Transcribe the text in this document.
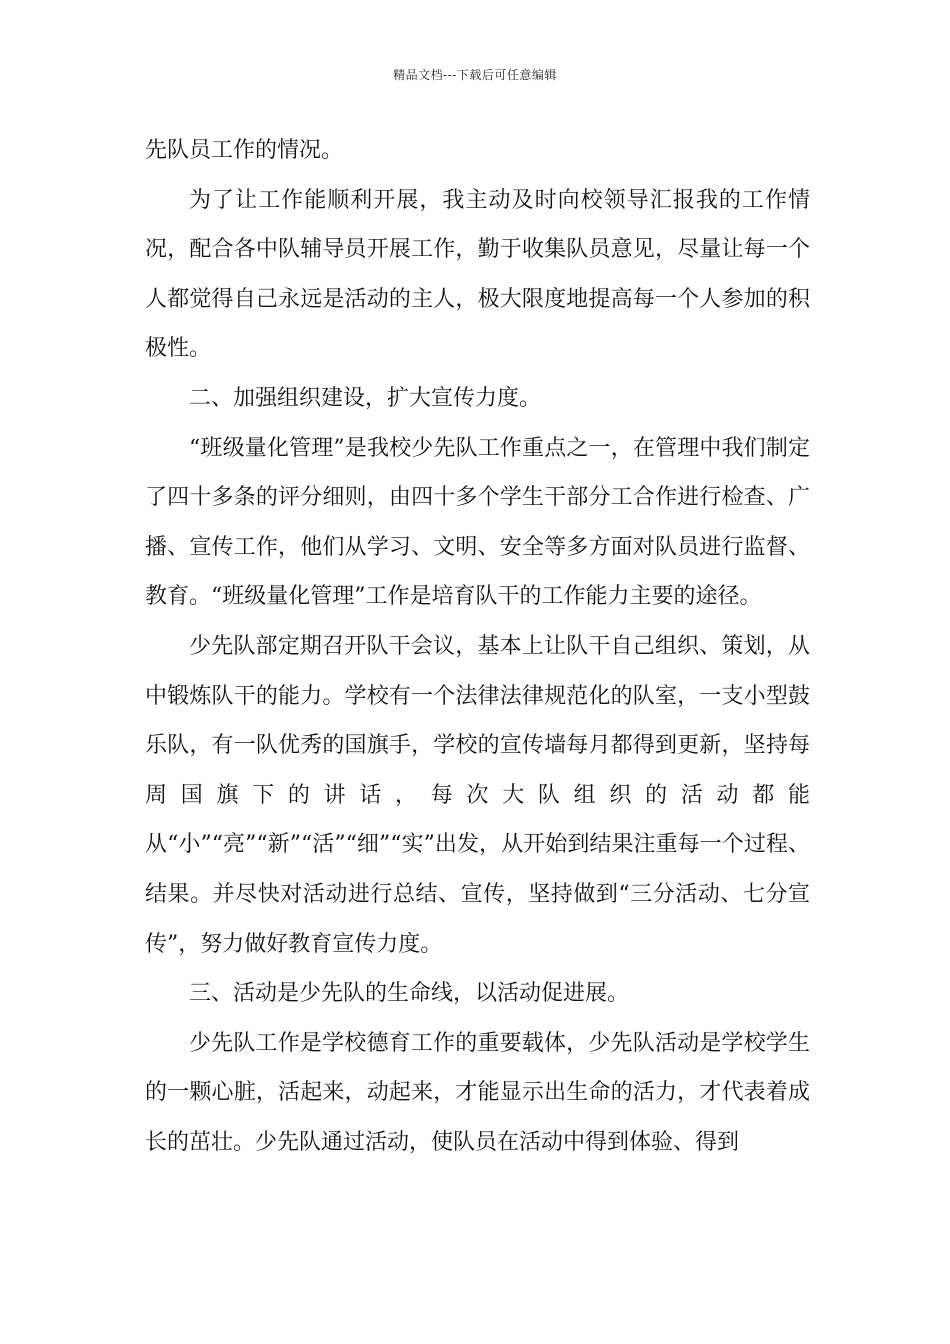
精品文档---下载后可任意编辑

先队员工作的情况。

为了让工作能顺利开展，我主动及时向校领导汇报我的工作情况，配合各中队辅导员开展工作，勤于收集队员意见，尽量让每一个人都觉得自己永远是活动的主人，极大限度地提高每一个人参加的积极性。

二、加强组织建设，扩大宣传力度。

“班级量化管理”是我校少先队工作重点之一，在管理中我们制定了四十多条的评分细则，由四十多个学生干部分工合作进行检查、广播、宣传工作，他们从学习、文明、安全等多方面对队员进行监督、教育。“班级量化管理”工作是培育队干的工作能力主要的途径。

少先队部定期召开队干会议，基本上让队干自己组织、策划，从中锻炼队干的能力。学校有一个法律法律规范化的队室，一支小型鼓乐队，有一队优秀的国旗手，学校的宣传墙每月都得到更新，坚持每周国旗下的讲话，每次大队组织的活动都能从“小”“亮”“新”“活”“细”“实”出发，从开始到结果注重每一个过程、结果。并尽快对活动进行总结、宣传，坚持做到“三分活动、七分宣传”，努力做好教育宣传力度。

三、活动是少先队的生命线，以活动促进展。

少先队工作是学校德育工作的重要载体，少先队活动是学校学生的一颗心脏，活起来，动起来，才能显示出生命的活力，才代表着成长的茁壮。少先队通过活动，使队员在活动中得到体验、得到
